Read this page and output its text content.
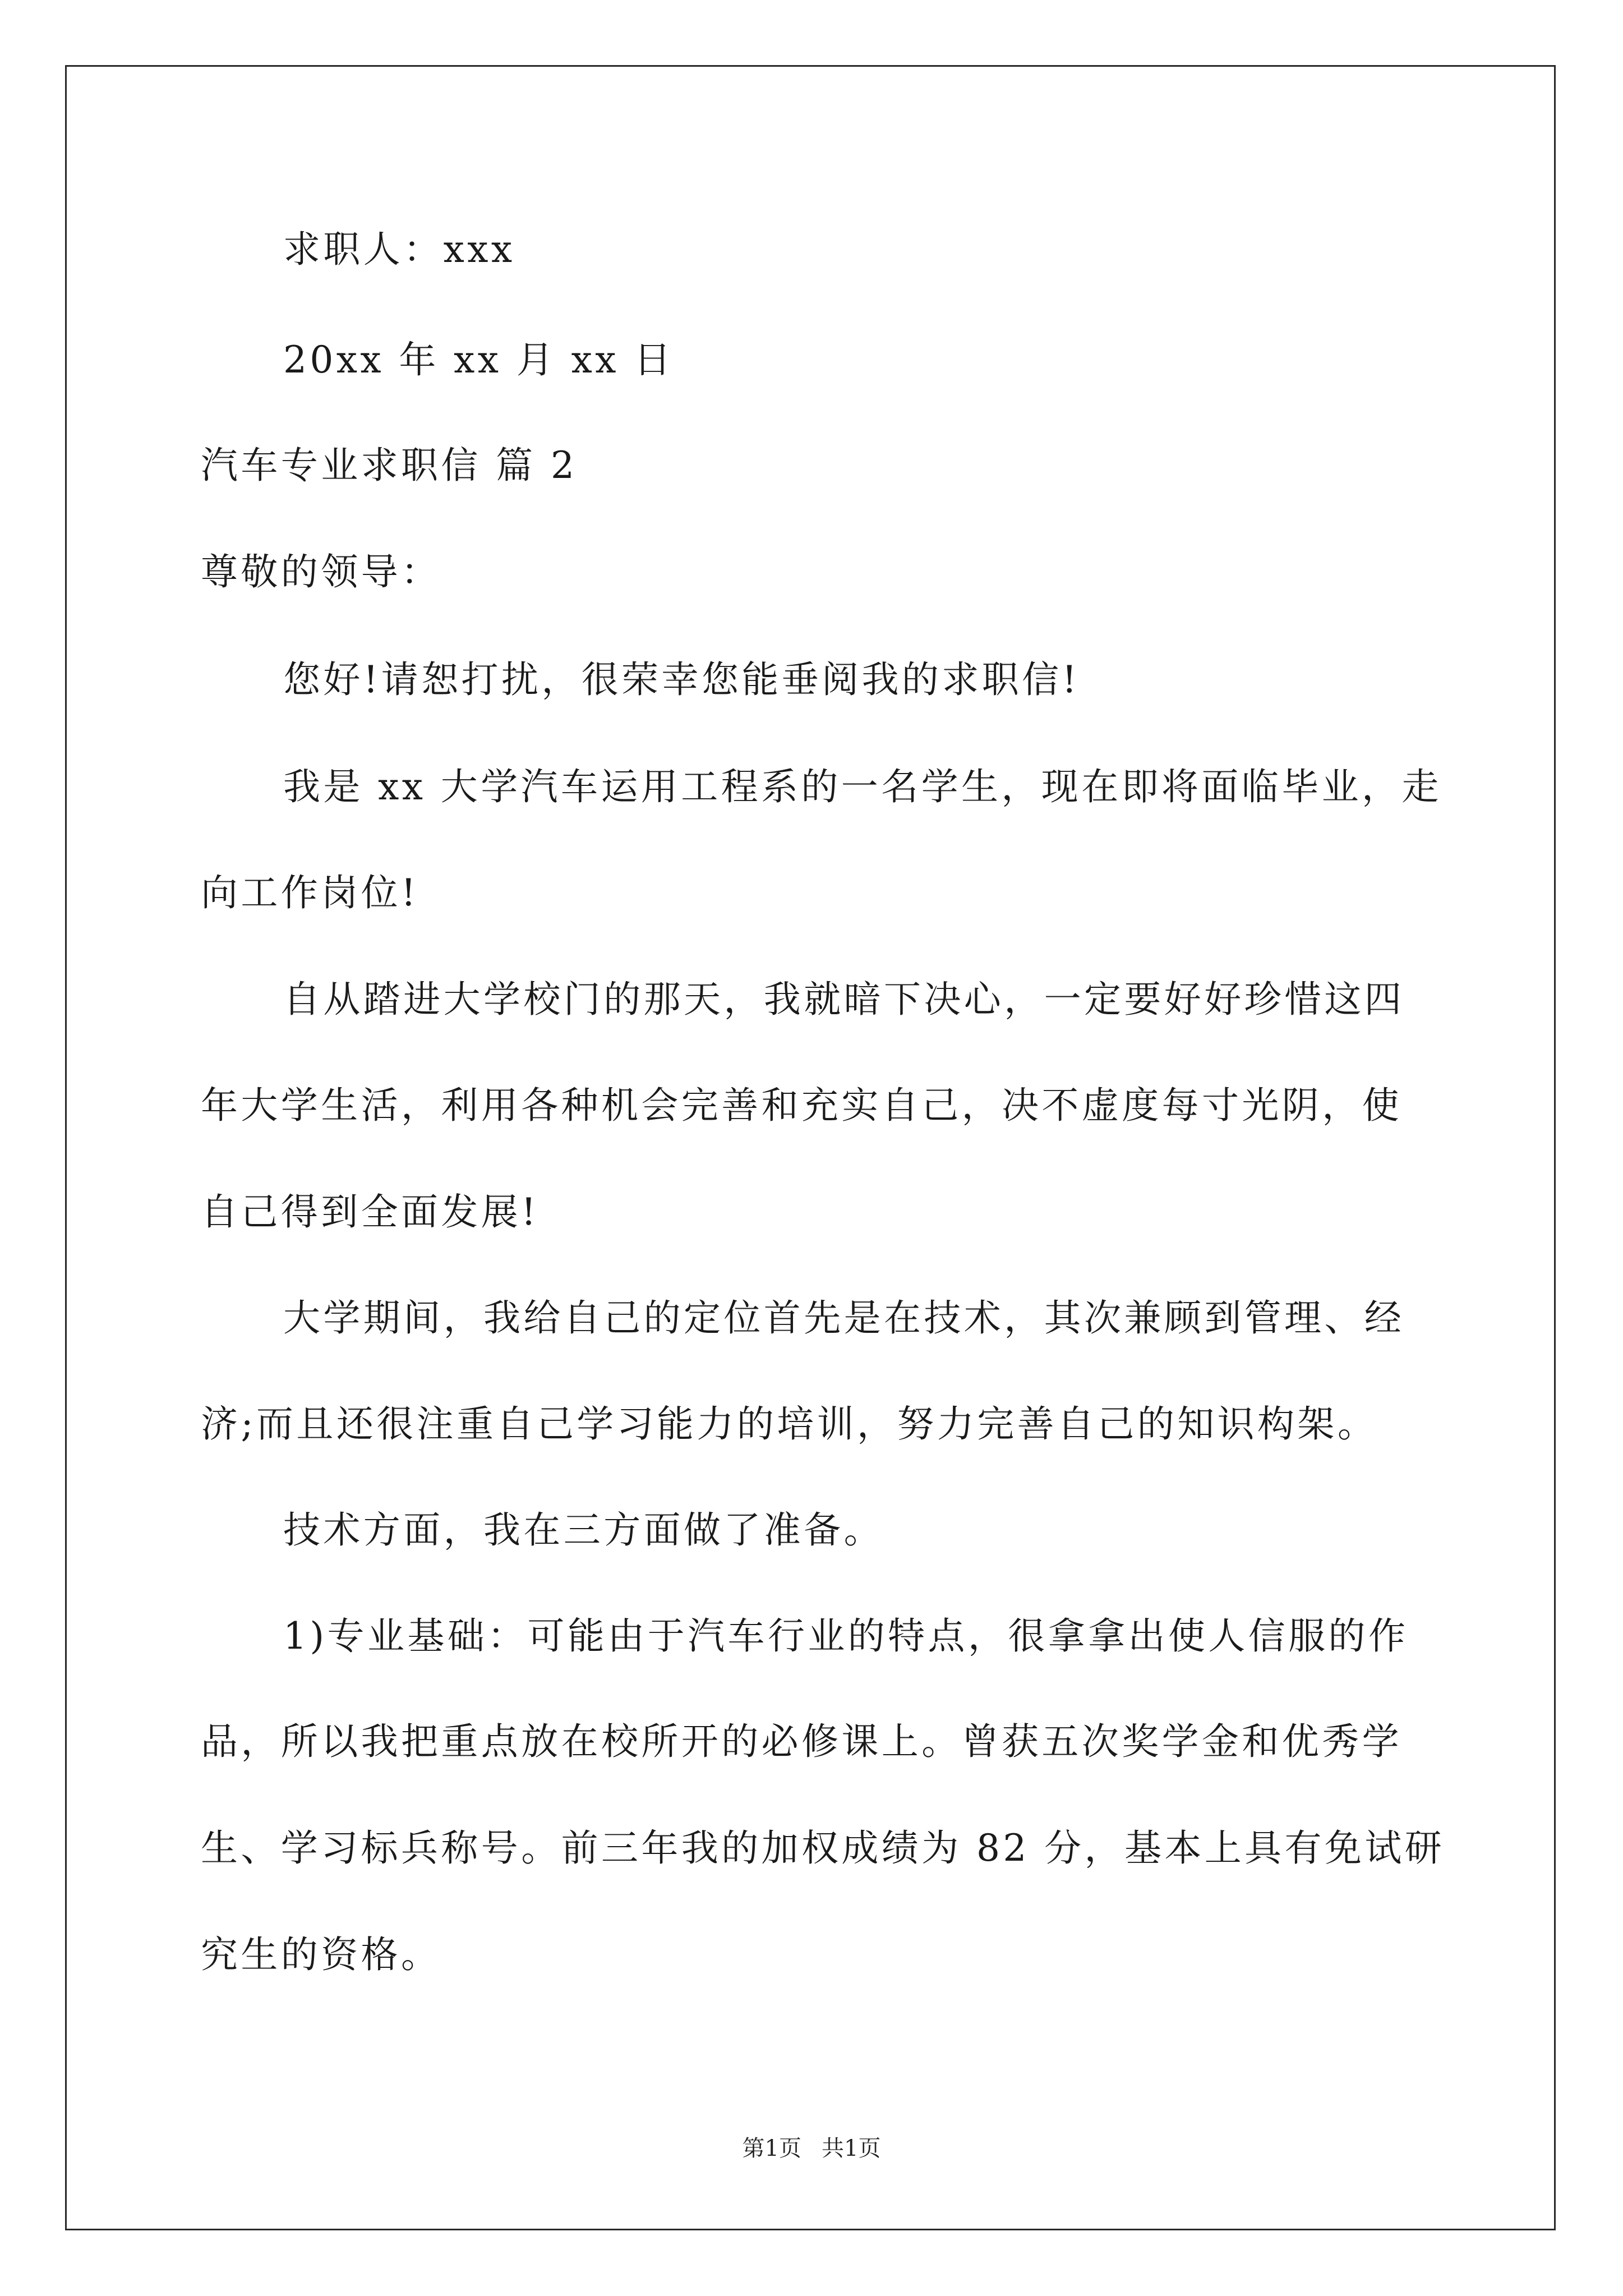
求职人：xxx
20xx 年 xx 月 xx 日
汽车专业求职信 篇 2
尊敬的领导：
您好!请恕打扰，很荣幸您能垂阅我的求职信!
我是 xx 大学汽车运用工程系的一名学生，现在即将面临毕业，走
向工作岗位!
自从踏进大学校门的那天，我就暗下决心，一定要好好珍惜这四
年大学生活，利用各种机会完善和充实自己，决不虚度每寸光阴，使
自己得到全面发展!
大学期间，我给自己的定位首先是在技术，其次兼顾到管理、经
济;而且还很注重自己学习能力的培训，努力完善自己的知识构架。
技术方面，我在三方面做了准备。
1)专业基础：可能由于汽车行业的特点，很拿拿出使人信服的作
品，所以我把重点放在校所开的必修课上。曾获五次奖学金和优秀学
生、学习标兵称号。前三年我的加权成绩为 82 分，基本上具有免试研
究生的资格。
第1页 共1页
